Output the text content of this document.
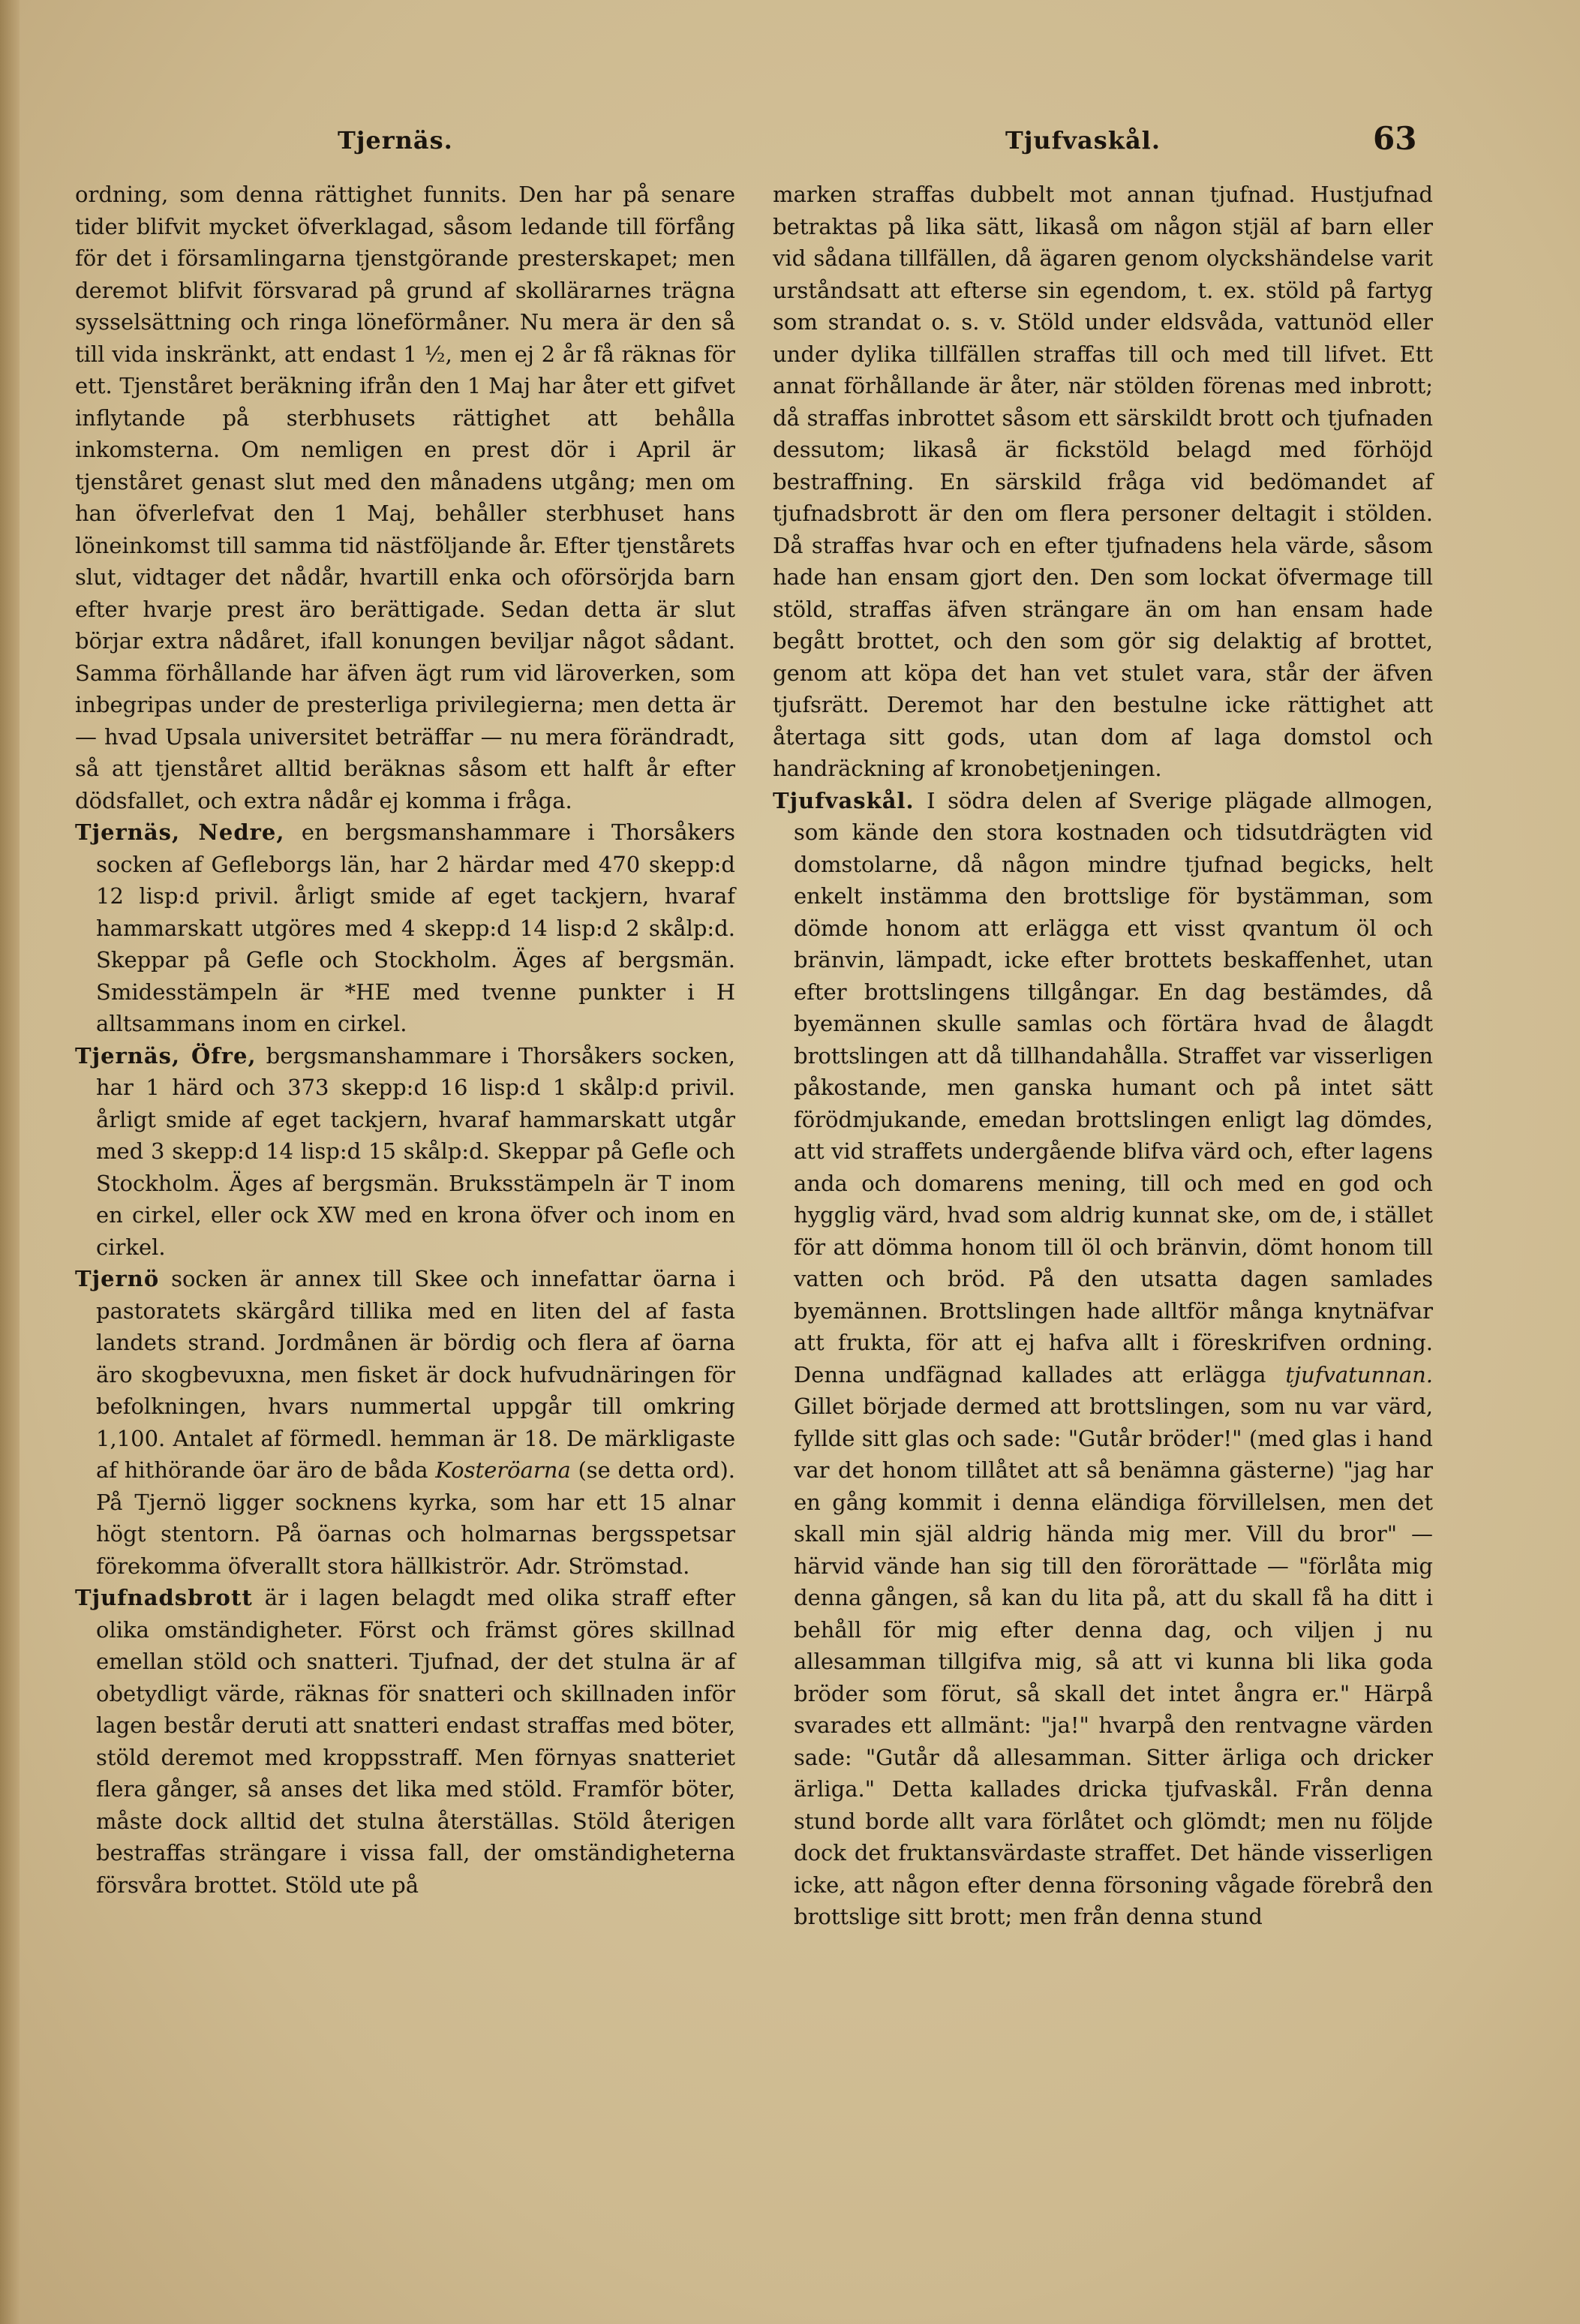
Tjernäs.	Tjufvaskål.	63

ordning, som denna rättighet funnits. Den har på senare tider blifvit mycket öfverklagad, såsom ledande till förfång för det i församlingarna tjenstgörande presterskapet; men deremot blifvit försvarad på grund af skollärarnes trägna sysselsättning och ringa löneförmåner. Nu mera är den så till vida inskränkt, att endast 1 ½, men ej 2 år få räknas för ett. Tjenståret beräkning ifrån den 1 Maj har åter ett gifvet inflytande på sterbhusets rättighet att behålla inkomsterna. Om nemligen en prest dör i April är tjenståret genast slut med den månadens utgång; men om han öfverlefvat den 1 Maj, behåller sterbhuset hans löneinkomst till samma tid nästföljande år. Efter tjenstårets slut, vidtager det nådår, hvartill enka och oförsörjda barn efter hvarje prest äro berättigade. Sedan detta är slut börjar extra nådåret, ifall konungen beviljar något sådant. Samma förhållande har äfven ägt rum vid läroverken, som inbegripas under de presterliga privilegierna; men detta är — hvad Upsala universitet beträffar — nu mera förändradt, så att tjenståret alltid beräknas såsom ett halft år efter dödsfallet, och extra nådår ej komma i fråga.

Tjernäs, Nedre, en bergsmanshammare i Thorsåkers socken af Gefleborgs län, har 2 härdar med 470 skepp:d 12 lisp:d privil. årligt smide af eget tackjern, hvaraf hammarskatt utgöres med 4 skepp:d 14 lisp:d 2 skålp:d. Skeppar på Gefle och Stockholm. Äges af bergsmän. Smidesstämpeln är *HE med tvenne punkter i H alltsammans inom en cirkel.

Tjernäs, Öfre, bergsmanshammare i Thorsåkers socken, har 1 härd och 373 skepp:d 16 lisp:d 1 skålp:d privil. årligt smide af eget tackjern, hvaraf hammarskatt utgår med 3 skepp:d 14 lisp:d 15 skålp:d. Skeppar på Gefle och Stockholm. Äges af bergsmän. Bruksstämpeln är T inom en cirkel, eller ock XW med en krona öfver och inom en cirkel.

Tjernö socken är annex till Skee och innefattar öarna i pastoratets skärgård tillika med en liten del af fasta landets strand. Jordmånen är bördig och flera af öarna äro skogbevuxna, men fisket är dock hufvudnäringen för befolkningen, hvars nummertal uppgår till omkring 1,100. Antalet af förmedl. hemman är 18. De märkligaste af hithörande öar äro de båda Kosteröarna (se detta ord). På Tjernö ligger socknens kyrka, som har ett 15 alnar högt stentorn. På öarnas och holmarnas bergsspetsar förekomma öfverallt stora hällkiströr. Adr. Strömstad.

Tjufnadsbrott är i lagen belagdt med olika straff efter olika omständigheter. Först och främst göres skillnad emellan stöld och snatteri. Tjufnad, der det stulna är af obetydligt värde, räknas för snatteri och skillnaden inför lagen består deruti att snatteri endast straffas med böter, stöld deremot med kroppsstraff. Men förnyas snatteriet flera gånger, så anses det lika med stöld. Framför böter, måste dock alltid det stulna återställas. Stöld återigen bestraffas strängare i vissa fall, der omständigheterna försvåra brottet. Stöld ute på

marken straffas dubbelt mot annan tjufnad. Hustjufnad betraktas på lika sätt, likaså om någon stjäl af barn eller vid sådana tillfällen, då ägaren genom olyckshändelse varit urståndsatt att efterse sin egendom, t. ex. stöld på fartyg som strandat o. s. v. Stöld under eldsvåda, vattunöd eller under dylika tillfällen straffas till och med till lifvet. Ett annat förhållande är åter, när stölden förenas med inbrott; då straffas inbrottet såsom ett särskildt brott och tjufnaden dessutom; likaså är fickstöld belagd med förhöjd bestraffning. En särskild fråga vid bedömandet af tjufnadsbrott är den om flera personer deltagit i stölden. Då straffas hvar och en efter tjufnadens hela värde, såsom hade han ensam gjort den. Den som lockat öfvermage till stöld, straffas äfven strängare än om han ensam hade begått brottet, och den som gör sig delaktig af brottet, genom att köpa det han vet stulet vara, står der äfven tjufsrätt. Deremot har den bestulne icke rättighet att återtaga sitt gods, utan dom af laga domstol och handräckning af kronobetjeningen.

Tjufvaskål. I södra delen af Sverige plägade allmogen, som kände den stora kostnaden och tidsutdrägten vid domstolarne, då någon mindre tjufnad begicks, helt enkelt instämma den brottslige för bystämman, som dömde honom att erlägga ett visst qvantum öl och bränvin, lämpadt, icke efter brottets beskaffenhet, utan efter brottslingens tillgångar. En dag bestämdes, då byemännen skulle samlas och förtära hvad de ålagdt brottslingen att då tillhandahålla. Straffet var visserligen påkostande, men ganska humant och på intet sätt förödmjukande, emedan brottslingen enligt lag dömdes, att vid straffets undergående blifva värd och, efter lagens anda och domarens mening, till och med en god och hygglig värd, hvad som aldrig kunnat ske, om de, i stället för att dömma honom till öl och bränvin, dömt honom till vatten och bröd. På den utsatta dagen samlades byemännen. Brottslingen hade alltför många knytnäfvar att frukta, för att ej hafva allt i föreskrifven ordning. Denna undfägnad kallades att erlägga tjufvatunnan. Gillet började dermed att brottslingen, som nu var värd, fyllde sitt glas och sade: "Gutår bröder!" (med glas i hand var det honom tillåtet att så benämna gästerne) "jag har en gång kommit i denna eländiga förvillelsen, men det skall min själ aldrig hända mig mer. Vill du bror" — härvid vände han sig till den förorättade — "förlåta mig denna gången, så kan du lita på, att du skall få ha ditt i behåll för mig efter denna dag, och viljen j nu allesamman tillgifva mig, så att vi kunna bli lika goda bröder som förut, så skall det intet ångra er." Härpå svarades ett allmänt: "ja!" hvarpå den rentvagne värden sade: "Gutår då allesamman. Sitter ärliga och dricker ärliga." Detta kallades dricka tjufvaskål. Från denna stund borde allt vara förlåtet och glömdt; men nu följde dock det fruktansvärdaste straffet. Det hände visserligen icke, att någon efter denna försoning vågade förebrå den brottslige sitt brott; men från denna stund
